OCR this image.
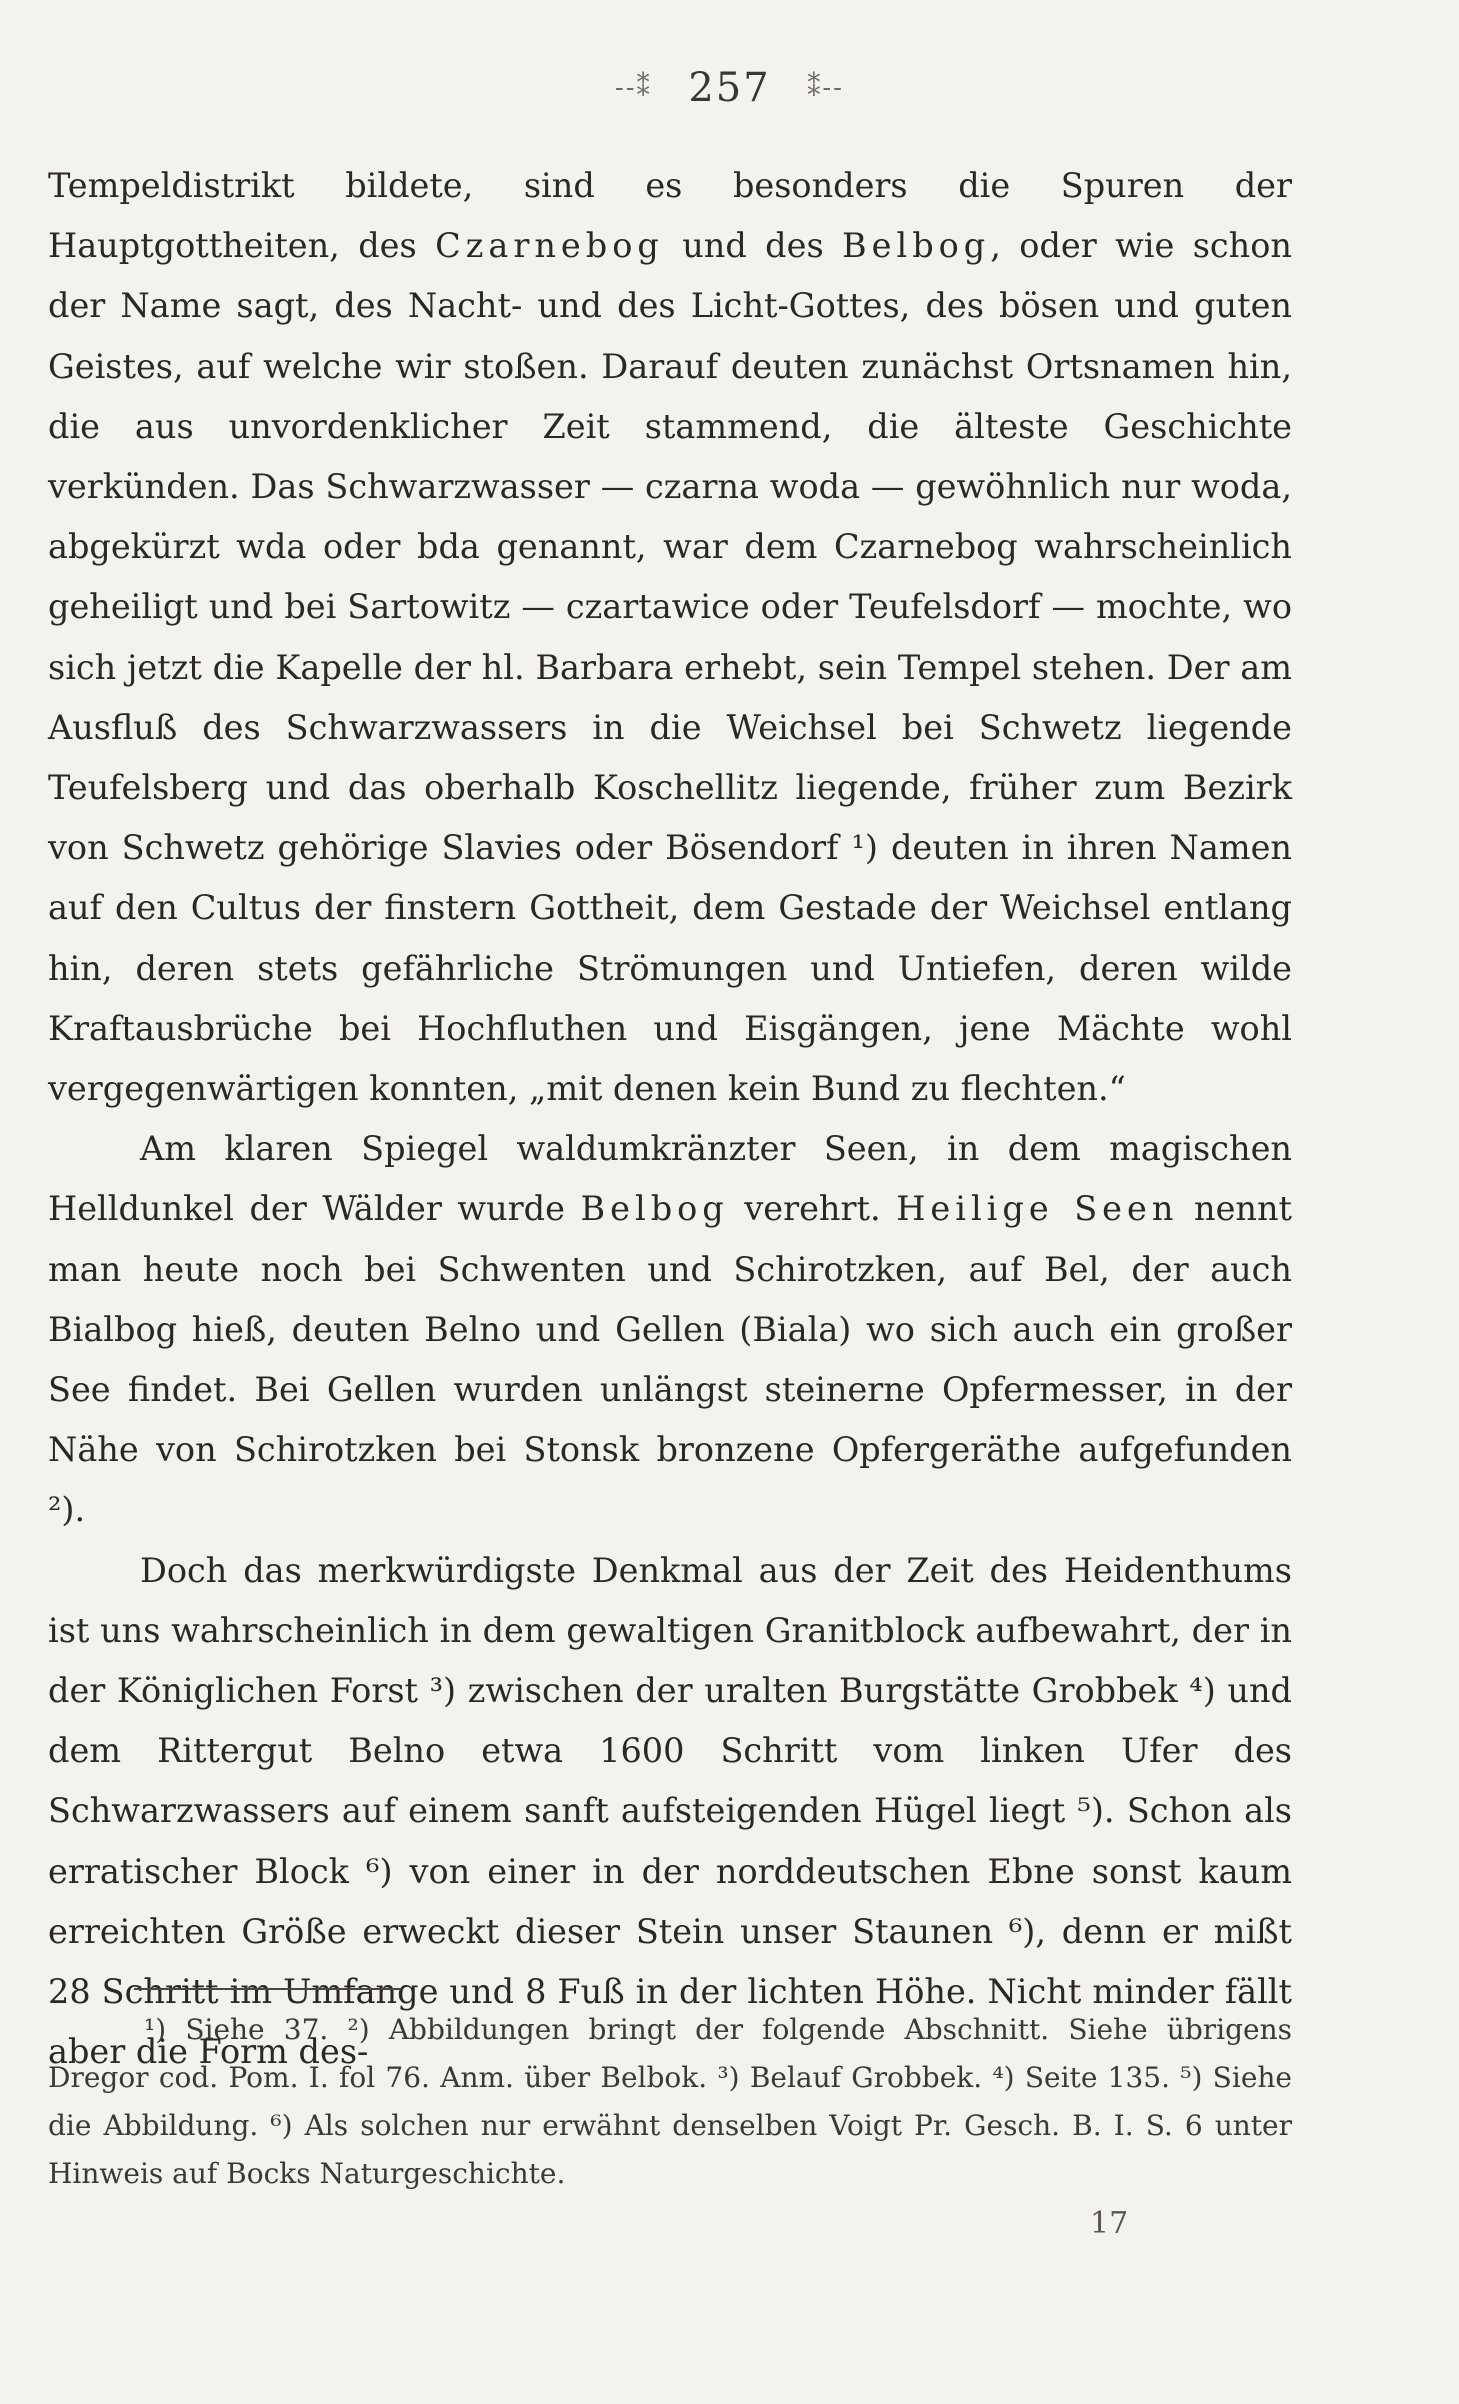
--⁑ 257 ⁑--

Tempeldistrikt bildete, sind es besonders die Spuren der Hauptgottheiten, des Czarnebog und des Belbog, oder wie schon der Name sagt, des Nacht- und des Licht-Gottes, des bösen und guten Geistes, auf welche wir stoßen. Darauf deuten zunächst Ortsnamen hin, die aus unvordenklicher Zeit stammend, die älteste Geschichte verkünden. Das Schwarzwasser — czarna woda — gewöhnlich nur woda, abgekürzt wda oder bda genannt, war dem Czarnebog wahrscheinlich geheiligt und bei Sartowitz — czartawice oder Teufelsdorf — mochte, wo sich jetzt die Kapelle der hl. Barbara erhebt, sein Tempel stehen. Der am Ausfluß des Schwarzwassers in die Weichsel bei Schwetz liegende Teufelsberg und das oberhalb Koschellitz liegende, früher zum Bezirk von Schwetz gehörige Slavies oder Bösendorf ¹) deuten in ihren Namen auf den Cultus der finstern Gottheit, dem Gestade der Weichsel entlang hin, deren stets gefährliche Strömungen und Untiefen, deren wilde Kraftausbrüche bei Hochfluthen und Eisgängen, jene Mächte wohl vergegenwärtigen konnten, „mit denen kein Bund zu flechten.“

Am klaren Spiegel waldumkränzter Seen, in dem magischen Helldunkel der Wälder wurde Belbog verehrt. Heilige Seen nennt man heute noch bei Schwenten und Schirotzken, auf Bel, der auch Bialbog hieß, deuten Belno und Gellen (Biala) wo sich auch ein großer See findet. Bei Gellen wurden unlängst steinerne Opfermesser, in der Nähe von Schirotzken bei Stonsk bronzene Opfergeräthe aufgefunden ²).

Doch das merkwürdigste Denkmal aus der Zeit des Heidenthums ist uns wahrscheinlich in dem gewaltigen Granitblock aufbewahrt, der in der Königlichen Forst ³) zwischen der uralten Burgstätte Grobbek ⁴) und dem Rittergut Belno etwa 1600 Schritt vom linken Ufer des Schwarzwassers auf einem sanft aufsteigenden Hügel liegt ⁵). Schon als erratischer Block ⁶) von einer in der norddeutschen Ebne sonst kaum erreichten Größe erweckt dieser Stein unser Staunen ⁶), denn er mißt 28 Schritt im Umfange und 8 Fuß in der lichten Höhe. Nicht minder fällt aber die Form des-

¹) Siehe 37. ²) Abbildungen bringt der folgende Abschnitt. Siehe übrigens Dregor cod. Pom. I. fol 76. Anm. über Belbok. ³) Belauf Grobbek. ⁴) Seite 135. ⁵) Siehe die Abbildung. ⁶) Als solchen nur erwähnt denselben Voigt Pr. Gesch. B. I. S. 6 unter Hinweis auf Bocks Naturgeschichte.

17
